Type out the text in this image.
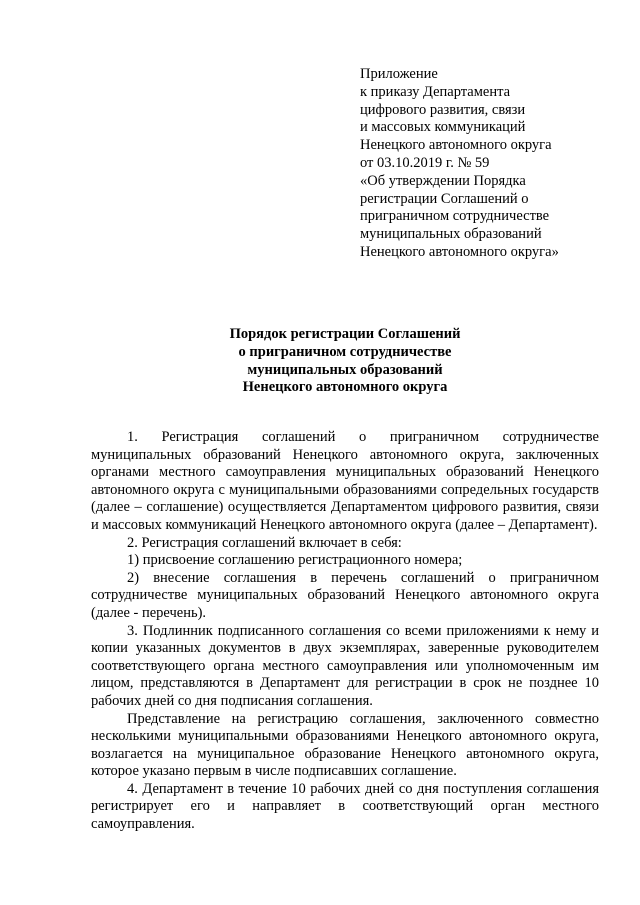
Приложение
к приказу Департамента
цифрового развития, связи
и массовых коммуникаций
Ненецкого автономного округа
от 03.10.2019 г. № 59
«Об утверждении Порядка
регистрации Соглашений о
приграничном сотрудничестве
муниципальных образований
Ненецкого автономного округа»
Порядок регистрации Соглашений
о приграничном сотрудничестве
муниципальных образований
Ненецкого автономного округа

1. Регистрация соглашений о приграничном сотрудничестве муниципальных образований Ненецкого автономного округа, заключенных органами местного самоуправления муниципальных образований Ненецкого автономного округа с муниципальными образованиями сопредельных государств (далее – соглашение) осуществляется Департаментом цифрового развития, связи и массовых коммуникаций Ненецкого автономного округа (далее – Департамент).

2. Регистрация соглашений включает в себя:

1) присвоение соглашению регистрационного номера;

2) внесение соглашения в перечень соглашений о приграничном сотрудничестве муниципальных образований Ненецкого автономного округа (далее - перечень).

3. Подлинник подписанного соглашения со всеми приложениями к нему и копии указанных документов в двух экземплярах, заверенные руководителем соответствующего органа местного самоуправления или уполномоченным им лицом, представляются в Департамент для регистрации в срок не позднее 10 рабочих дней со дня подписания соглашения.

Представление на регистрацию соглашения, заключенного совместно несколькими муниципальными образованиями Ненецкого автономного округа, возлагается на муниципальное образование Ненецкого автономного округа, которое указано первым в числе подписавших соглашение.

4. Департамент в течение 10 рабочих дней со дня поступления соглашения регистрирует его и направляет в соответствующий орган местного самоуправления.
